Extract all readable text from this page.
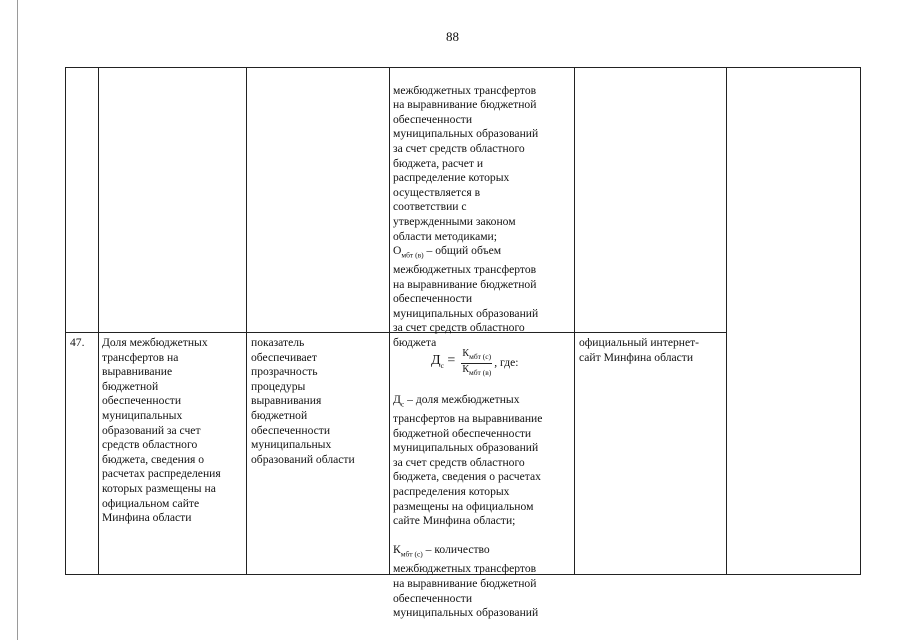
88

межбюджетных трансфертов
на выравнивание бюджетной
обеспеченности
муниципальных образований
за счет средств областного
бюджета, расчет и
распределение которых
осуществляется в
соответствии с
утвержденными законом
области методиками;

$О_{мбт (в)}$ – общий объем
межбюджетных трансфертов
на выравнивание бюджетной
обеспеченности
муниципальных образований
за счет средств областного
бюджета

47.	Доля межбюджетных
трансфертов на
выравнивание
бюджетной
обеспеченности
муниципальных
образований за счет
средств областного
бюджета, сведения о
расчетах распределения
которых размещены на
официальном сайте
Минфина области
показатель
обеспечивает
прозрачность
процедуры
выравнивания
бюджетной
обеспеченности
муниципальных
образований области

$Д_с = \frac{К_{мбт (с)}}{К_{мбт (в)}}$ , где:

$Д_с$ – доля межбюджетных
трансфертов на выравнивание
бюджетной обеспеченности
муниципальных образований
за счет средств областного
бюджета, сведения о расчетах
распределения которых
размещены на официальном
сайте Минфина области;

$К_{мбт (с)}$ – количество
межбюджетных трансфертов
на выравнивание бюджетной
обеспеченности
муниципальных образований

официальный интернет-
сайт Минфина области
